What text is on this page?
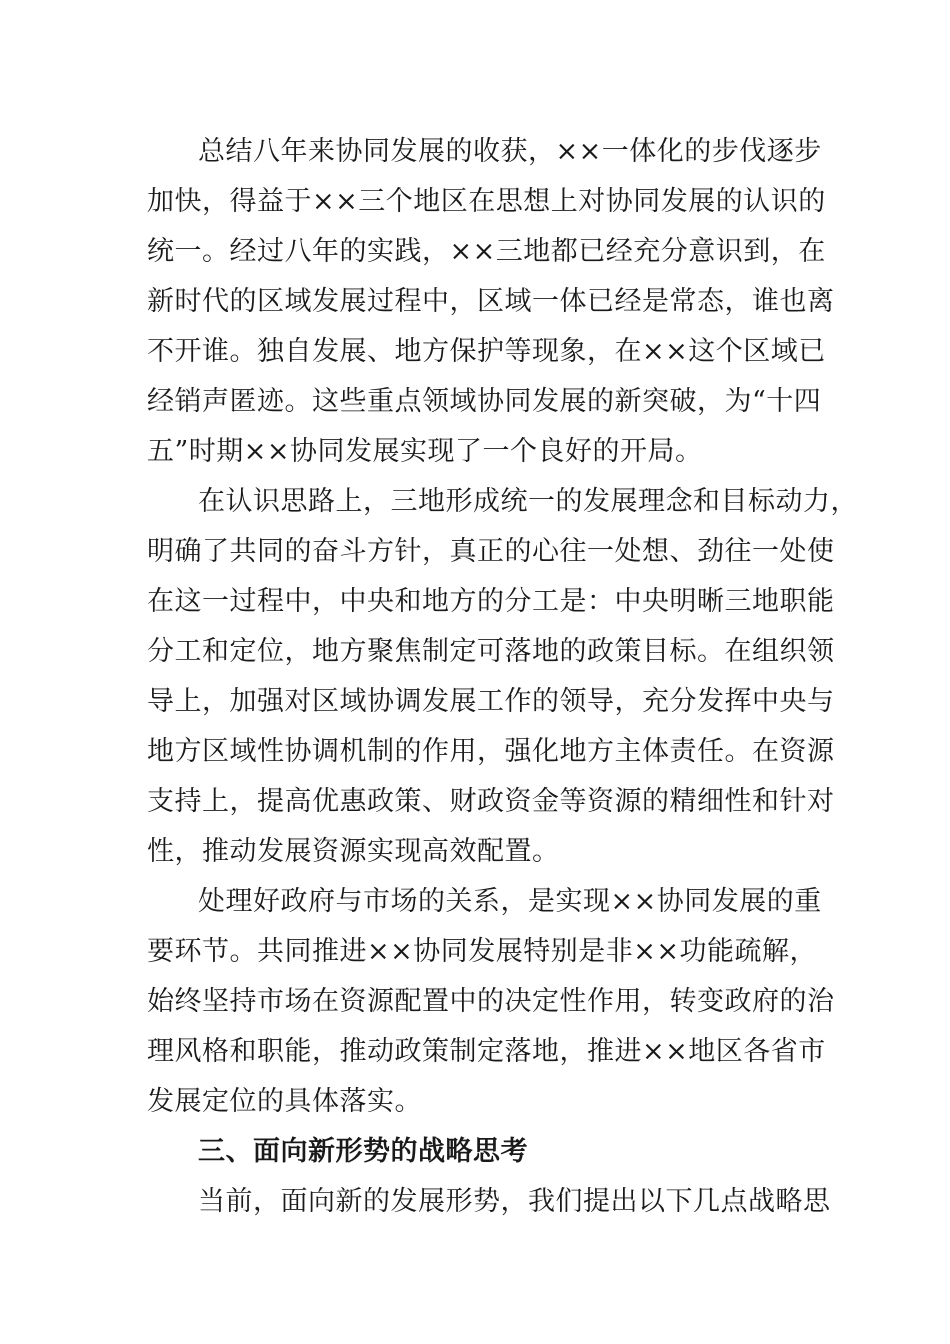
总结八年来协同发展的收获，××一体化的步伐逐步
加快，得益于××三个地区在思想上对协同发展的认识的
统一。经过八年的实践，××三地都已经充分意识到，在
新时代的区域发展过程中，区域一体已经是常态，谁也离
不开谁。独自发展、地方保护等现象，在××这个区域已
经销声匿迹。这些重点领域协同发展的新突破，为“十四
五”时期××协同发展实现了一个良好的开局。
在认识思路上，三地形成统一的发展理念和目标动力，
明确了共同的奋斗方针，真正的心往一处想、劲往一处使
在这一过程中，中央和地方的分工是：中央明晰三地职能
分工和定位，地方聚焦制定可落地的政策目标。在组织领
导上，加强对区域协调发展工作的领导，充分发挥中央与
地方区域性协调机制的作用，强化地方主体责任。在资源
支持上，提高优惠政策、财政资金等资源的精细性和针对
性，推动发展资源实现高效配置。
处理好政府与市场的关系，是实现××协同发展的重
要环节。共同推进××协同发展特别是非××功能疏解，
始终坚持市场在资源配置中的决定性作用，转变政府的治
理风格和职能，推动政策制定落地，推进××地区各省市
发展定位的具体落实。
三、面向新形势的战略思考
当前，面向新的发展形势，我们提出以下几点战略思
